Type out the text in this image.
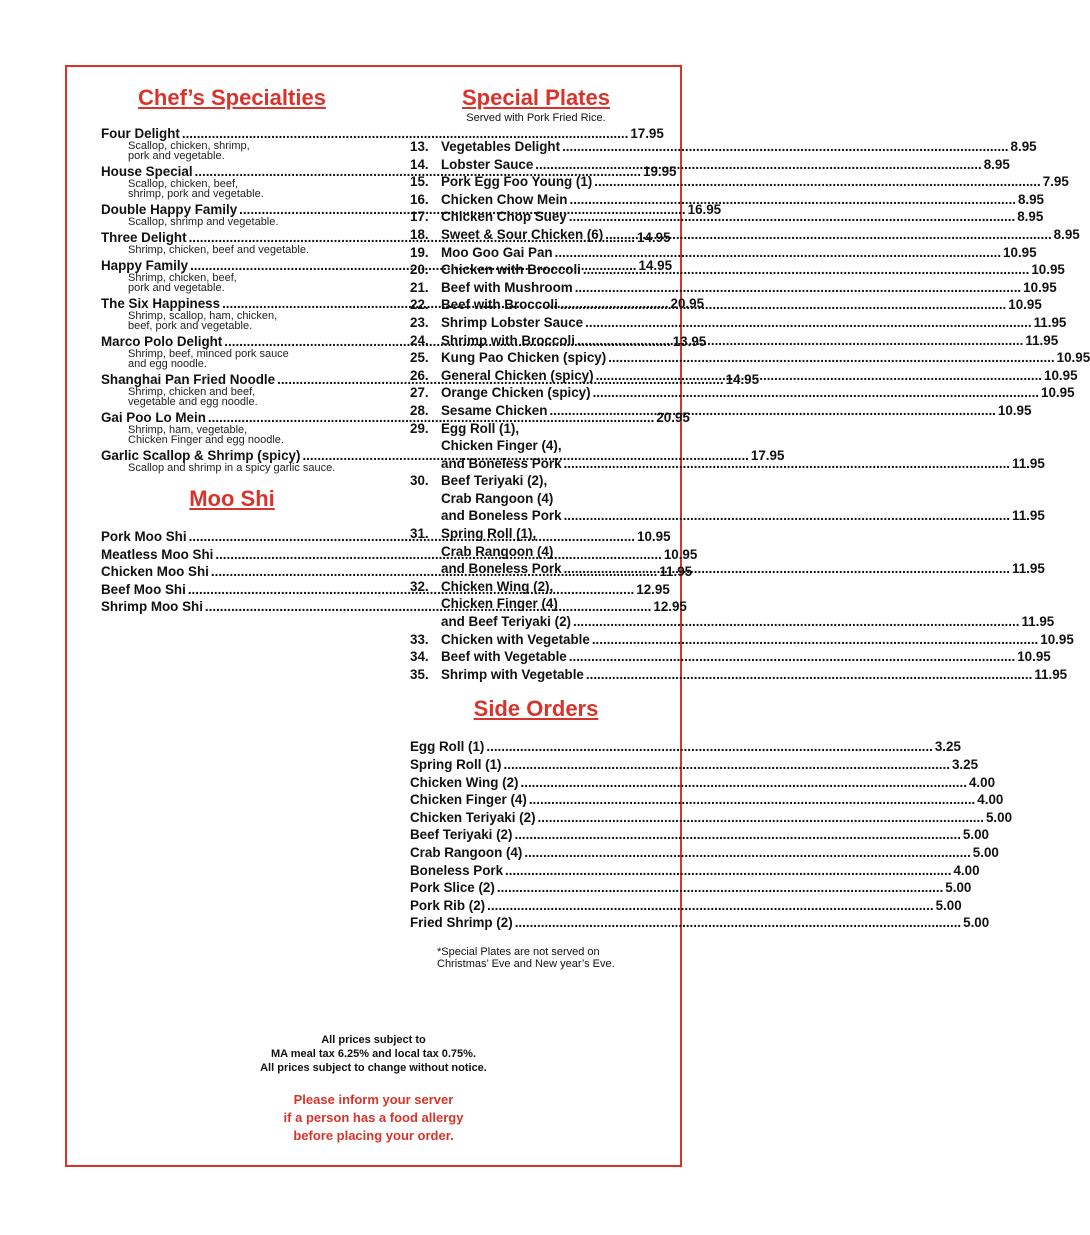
Chef’s Specialties
Four Delight .....	17.95
Scallop, chicken, shrimp,
pork and vegetable.
House Special .....	19.95
Scallop, chicken, beef,
shrimp, pork and vegetable.
Double Happy Family .....	16.95
Scallop, shrimp and vegetable.
Three Delight .....	14.95
Shrimp, chicken, beef and vegetable.
Happy Family .....	14.95
Shrimp, chicken, beef,
pork and vegetable.
The Six Happiness .....	20.95
Shrimp, scallop, ham, chicken,
beef, pork and vegetable.
Marco Polo Delight .....	13.95
Shrimp, beef, minced pork sauce
and egg noodle.
Shanghai Pan Fried Noodle .....	14.95
Shrimp, chicken and beef,
vegetable and egg noodle.
Gai Poo Lo Mein .....	20.95
Shrimp, ham, vegetable,
Chicken Finger and egg noodle.
Garlic Scallop & Shrimp (spicy) .....	17.95
Scallop and shrimp in a spicy garlic sauce.
Moo Shi
Pork Moo Shi .....	10.95
Meatless Moo Shi .....	10.95
Chicken Moo Shi .....	11.95
Beef Moo Shi .....	12.95
Shrimp Moo Shi .....	12.95
Special Plates

Served with Pork Fried Rice.

13. Vegetables Delight .....	8.95
14. Lobster Sauce .....	8.95
15. Pork Egg Foo Young (1) .....	7.95
16. Chicken Chow Mein .....	8.95
17. Chicken Chop Suey .....	8.95
18. Sweet & Sour Chicken (6) .....	8.95
19. Moo Goo Gai Pan .....	10.95
20. Chicken with Broccoli .....	10.95
21. Beef with Mushroom .....	10.95
22. Beef with Broccoli .....	10.95
23. Shrimp Lobster Sauce .....	11.95
24. Shrimp with Broccoli .....	11.95
25. Kung Pao Chicken (spicy) .....	10.95
26. General Chicken (spicy) .....	10.95
27. Orange Chicken (spicy) .....	10.95
28. Sesame Chicken .....	10.95
29. Egg Roll (1),
Chicken Finger (4),
and Boneless Pork .....	11.95
30. Beef Teriyaki (2),
Crab Rangoon (4)
and Boneless Pork .....	11.95
31. Spring Roll (1),
Crab Rangoon (4)
and Boneless Pork .....	11.95
32. Chicken Wing (2),
Chicken Finger (4)
and Beef Teriyaki (2) .....	11.95
33. Chicken with Vegetable .....	10.95
34. Beef with Vegetable .....	10.95
35. Shrimp with Vegetable .....	11.95
Side Orders
Egg Roll (1) .....	3.25
Spring Roll (1) .....	3.25
Chicken Wing (2) .....	4.00
Chicken Finger (4) .....	4.00
Chicken Teriyaki (2) .....	5.00
Beef Teriyaki (2) .....	5.00
Crab Rangoon (4) .....	5.00
Boneless Pork .....	4.00
Pork Slice (2) .....	5.00
Pork Rib (2) .....	5.00
Fried Shrimp (2) .....	5.00
*Special Plates are not served on
Christmas’ Eve and New year’s Eve.
All prices subject to
MA meal tax 6.25% and local tax 0.75%.
All prices subject to change without notice.
Please inform your server
if a person has a food allergy
before placing your order.
